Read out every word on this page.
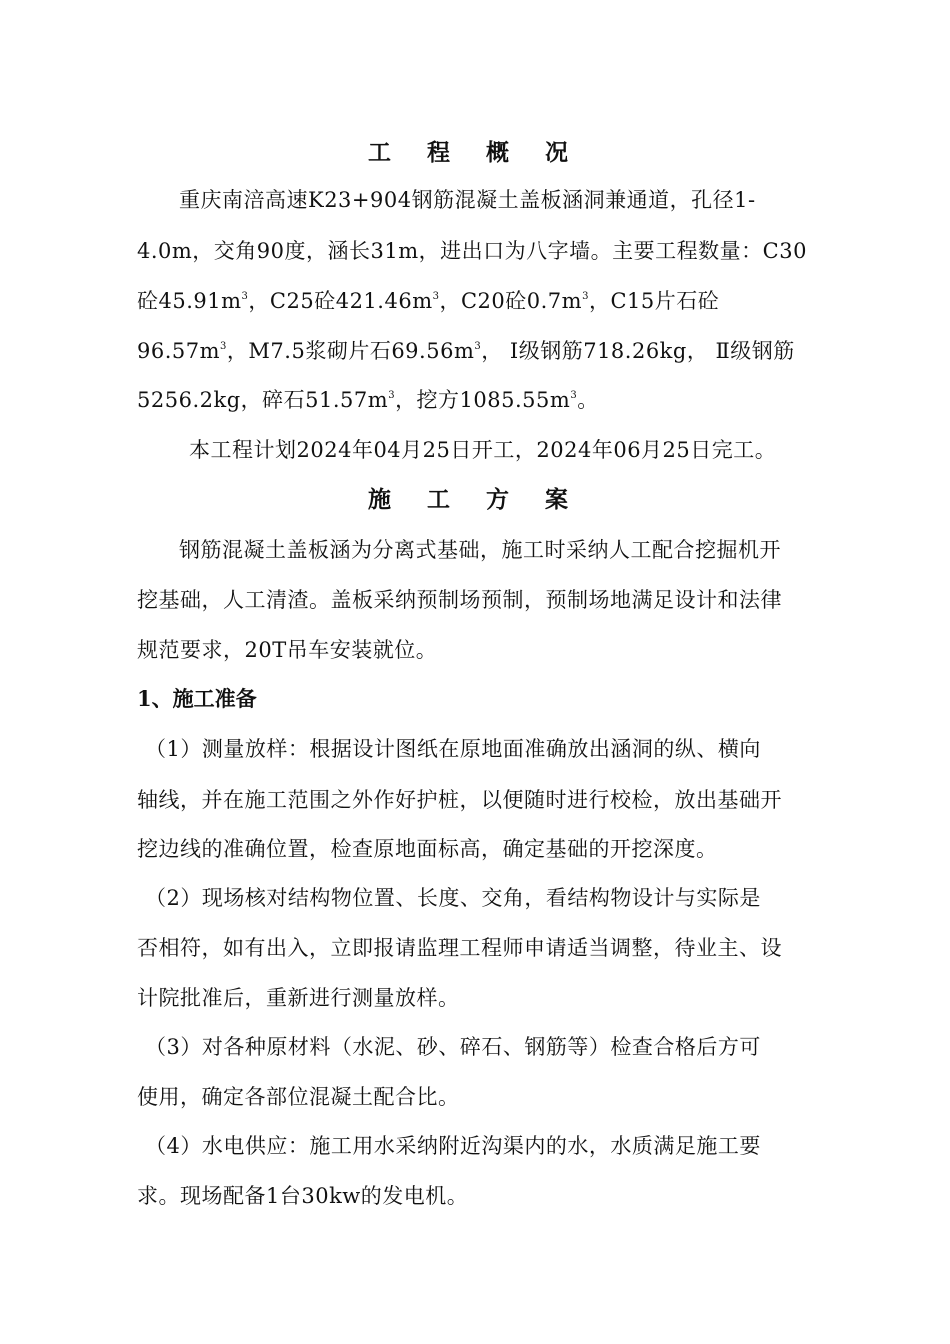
工 程 概 况

重庆南涪高速K23+904钢筋混凝土盖板涵洞兼通道，孔径1-

4.0m，交角90度，涵长31m，进出口为八字墙。主要工程数量：C30

砼$45.91m^3$，C25砼$421.46m^3$，C20砼$0.7m^3$，C15片石砼

$96.57m^3$，M7.5浆砌片石$69.56m^3$， Ⅰ级钢筋718.26kg， Ⅱ级钢筋

5256.2kg，碎石$51.57m^3$，挖方$1085.55m^3$。

本工程计划2024年04月25日开工，2024年06月25日完工。

施 工 方 案

钢筋混凝土盖板涵为分离式基础，施工时采纳人工配合挖掘机开

挖基础，人工清渣。盖板采纳预制场预制，预制场地满足设计和法律

规范要求，20T吊车安装就位。

1、施工准备

（1）测量放样：根据设计图纸在原地面准确放出涵洞的纵、横向

轴线，并在施工范围之外作好护桩，以便随时进行校检，放出基础开

挖边线的准确位置，检查原地面标高，确定基础的开挖深度。

（2）现场核对结构物位置、长度、交角，看结构物设计与实际是

否相符，如有出入，立即报请监理工程师申请适当调整，待业主、设

计院批准后，重新进行测量放样。

（3）对各种原材料（水泥、砂、碎石、钢筋等）检查合格后方可

使用，确定各部位混凝土配合比。

（4）水电供应：施工用水采纳附近沟渠内的水，水质满足施工要

求。现场配备1台30kw的发电机。
